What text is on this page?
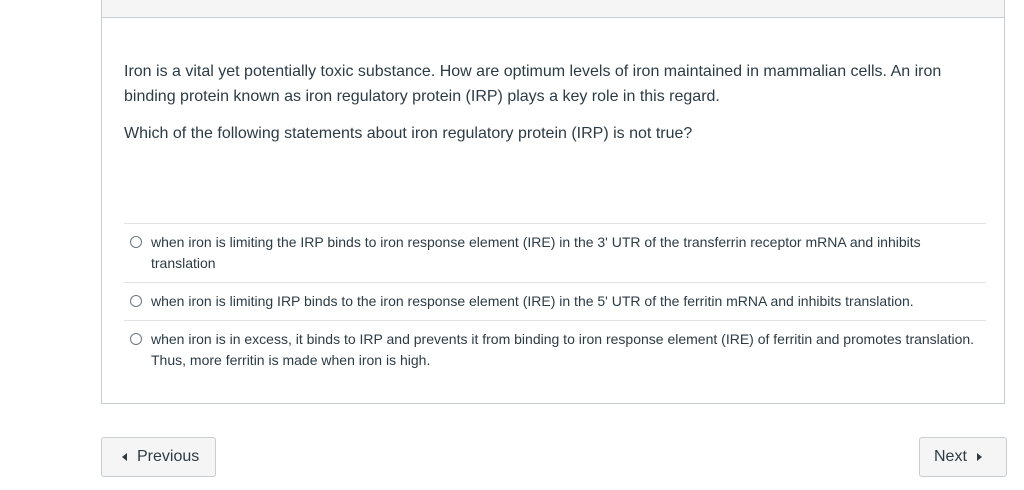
Iron is a vital yet potentially toxic substance. How are optimum levels of iron maintained in mammalian cells. An iron binding protein known as iron regulatory protein (IRP) plays a key role in this regard.

Which of the following statements about iron regulatory protein (IRP) is not true?

when iron is limiting the IRP binds to iron response element (IRE) in the 3' UTR of the transferrin receptor mRNA and inhibits translation
when iron is limiting IRP binds to the iron response element (IRE) in the 5' UTR of the ferritin mRNA and inhibits translation.
when iron is in excess, it binds to IRP and prevents it from binding to iron response element (IRE) of ferritin and promotes translation. Thus, more ferritin is made when iron is high.
Previous	Next
